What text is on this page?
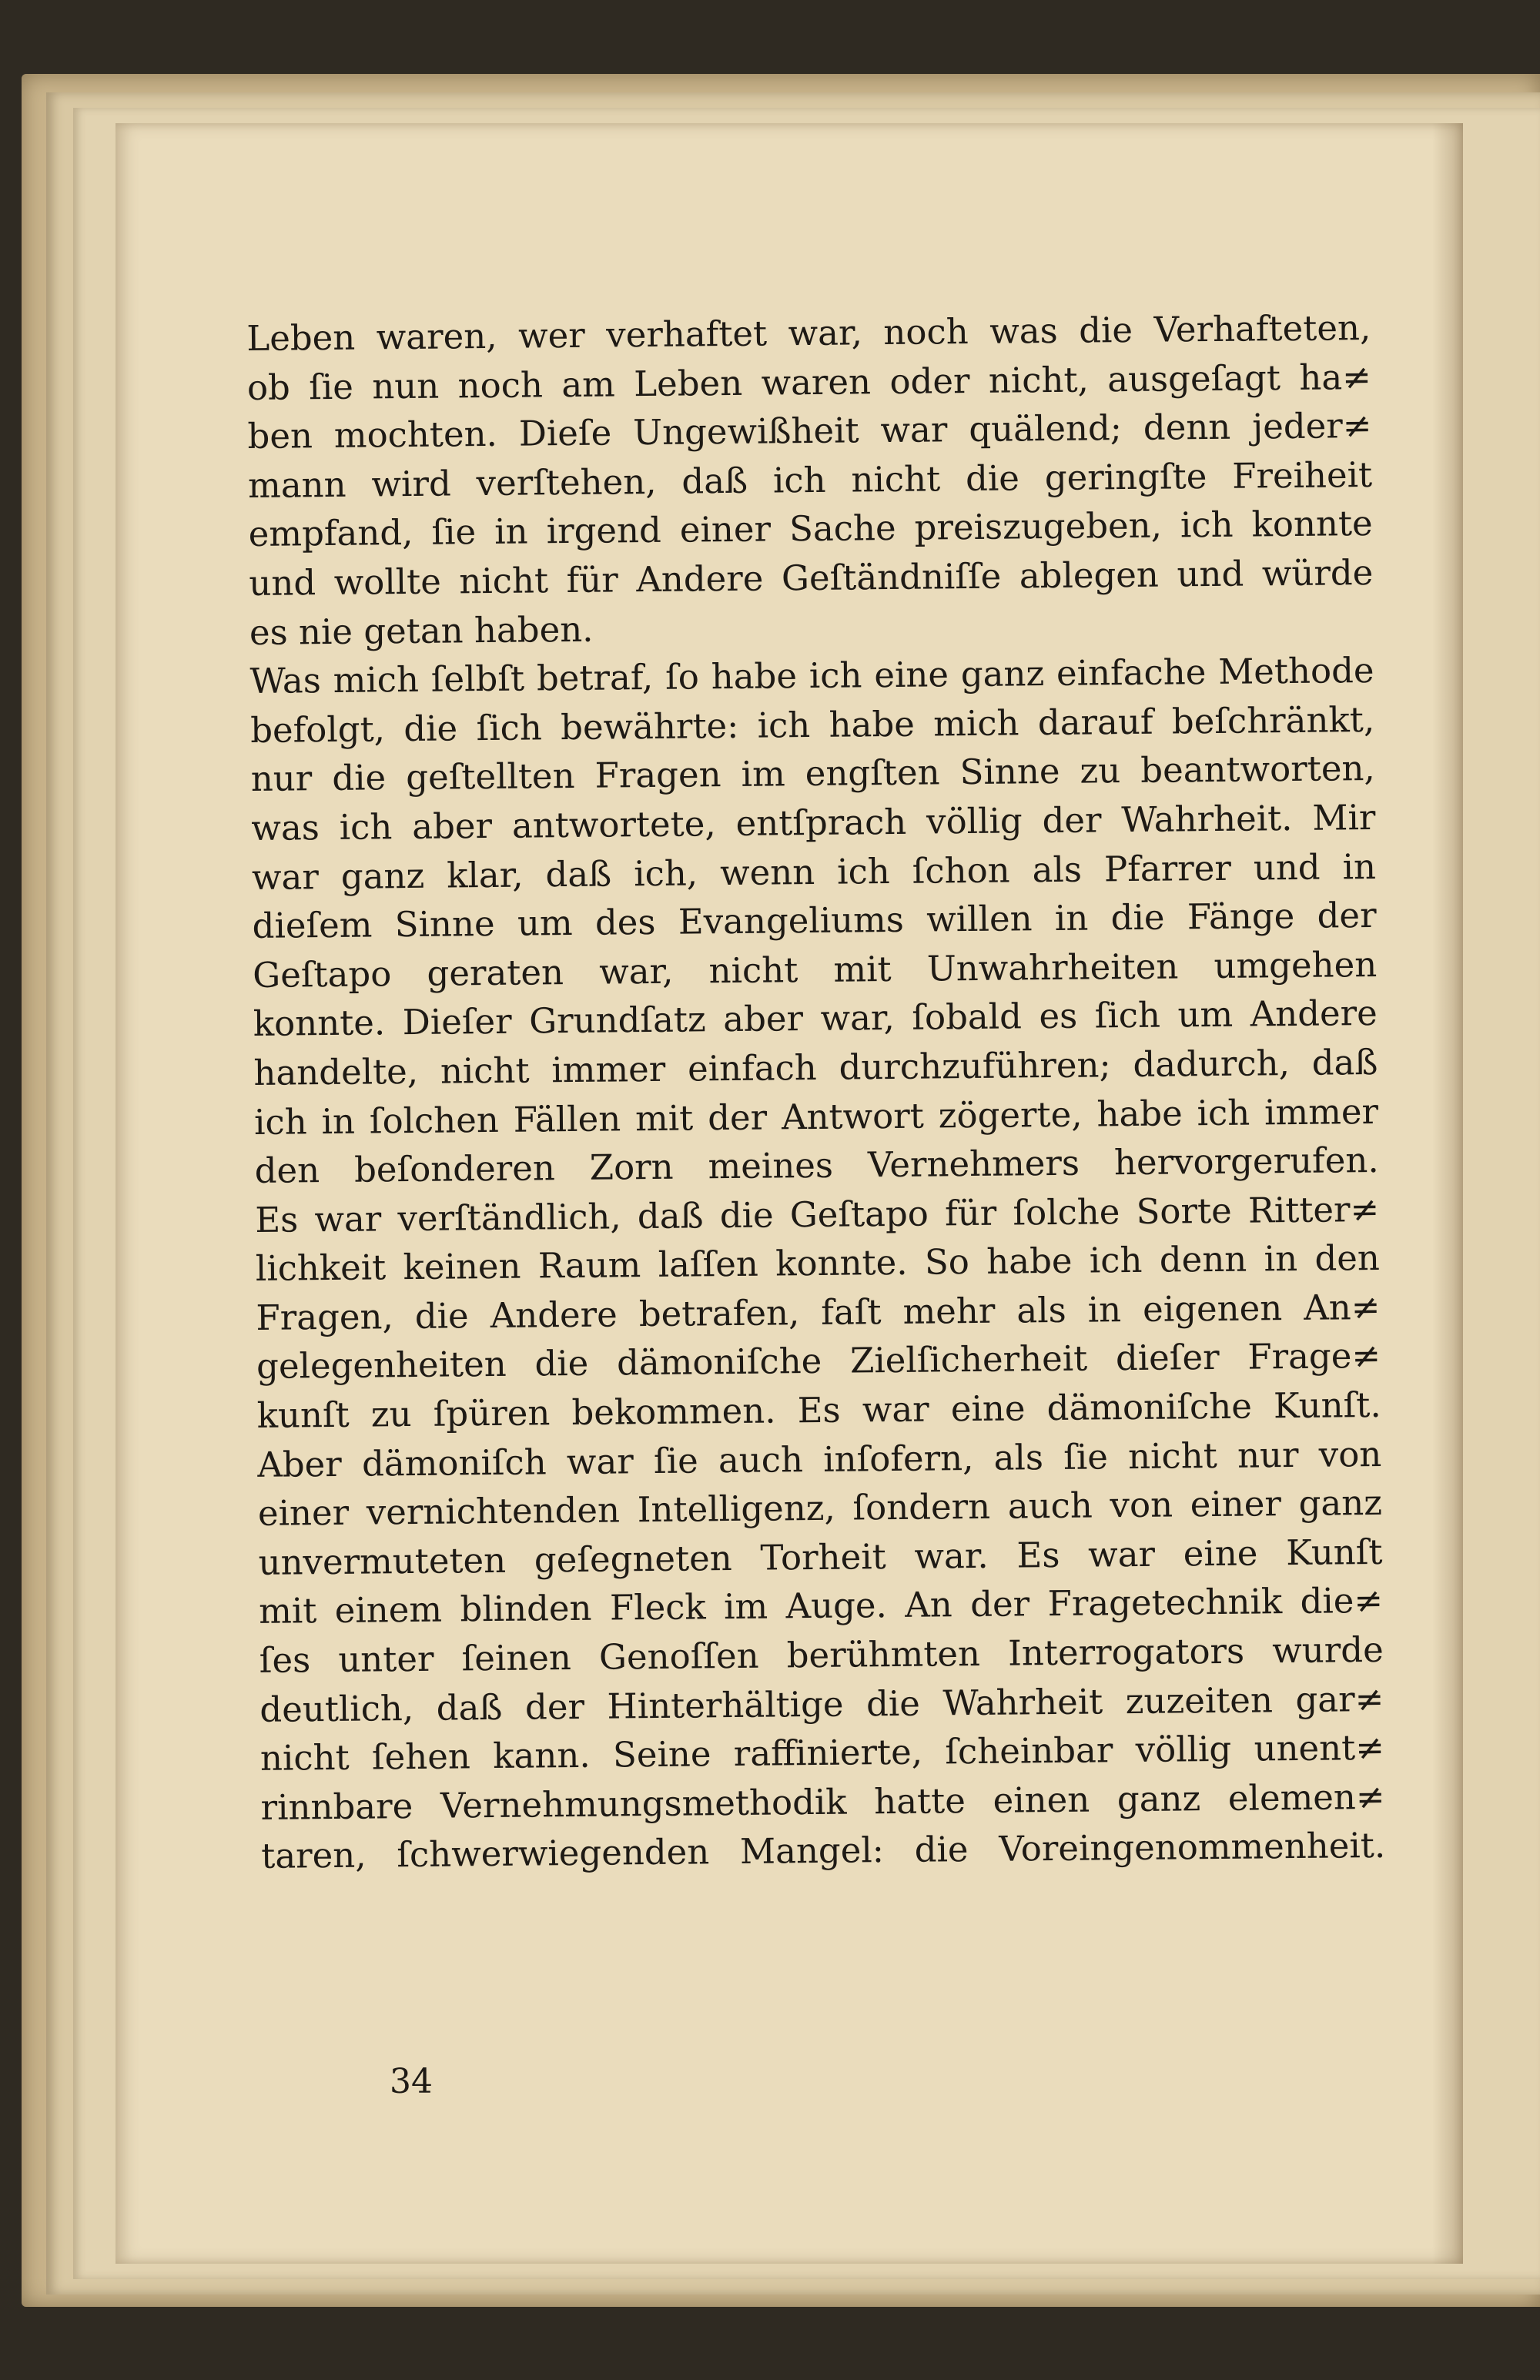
Leben waren, wer verhaftet war, noch was die Verhafteten,
ob ſie nun noch am Leben waren oder nicht, ausgeſagt ha≠
ben mochten. Dieſe Ungewißheit war quälend; denn jeder≠
mann wird verſtehen, daß ich nicht die geringſte Freiheit
empfand, ſie in irgend einer Sache preiszugeben, ich konnte
und wollte nicht für Andere Geſtändniſſe ablegen und würde
es nie getan haben.
Was mich ſelbſt betraf, ſo habe ich eine ganz einfache Methode
befolgt, die ſich bewährte: ich habe mich darauf beſchränkt,
nur die geſtellten Fragen im engſten Sinne zu beantworten,
was ich aber antwortete, entſprach völlig der Wahrheit. Mir
war ganz klar, daß ich, wenn ich ſchon als Pfarrer und in
dieſem Sinne um des Evangeliums willen in die Fänge der
Geſtapo geraten war, nicht mit Unwahrheiten umgehen
konnte. Dieſer Grundſatz aber war, ſobald es ſich um Andere
handelte, nicht immer einfach durchzuführen; dadurch, daß
ich in ſolchen Fällen mit der Antwort zögerte, habe ich immer
den beſonderen Zorn meines Vernehmers hervorgerufen.
Es war verſtändlich, daß die Geſtapo für ſolche Sorte Ritter≠
lichkeit keinen Raum laſſen konnte. So habe ich denn in den
Fragen, die Andere betrafen, faſt mehr als in eigenen An≠
gelegenheiten die dämoniſche Zielſicherheit dieſer Frage≠
kunſt zu ſpüren bekommen. Es war eine dämoniſche Kunſt.
Aber dämoniſch war ſie auch inſofern, als ſie nicht nur von
einer vernichtenden Intelligenz, ſondern auch von einer ganz
unvermuteten geſegneten Torheit war. Es war eine Kunſt
mit einem blinden Fleck im Auge. An der Fragetechnik die≠
ſes unter ſeinen Genoſſen berühmten Interrogators wurde
deutlich, daß der Hinterhältige die Wahrheit zuzeiten gar≠
nicht ſehen kann. Seine raffinierte, ſcheinbar völlig unent≠
rinnbare Vernehmungsmethodik hatte einen ganz elemen≠
taren, ſchwerwiegenden Mangel: die Voreingenommenheit.
34
